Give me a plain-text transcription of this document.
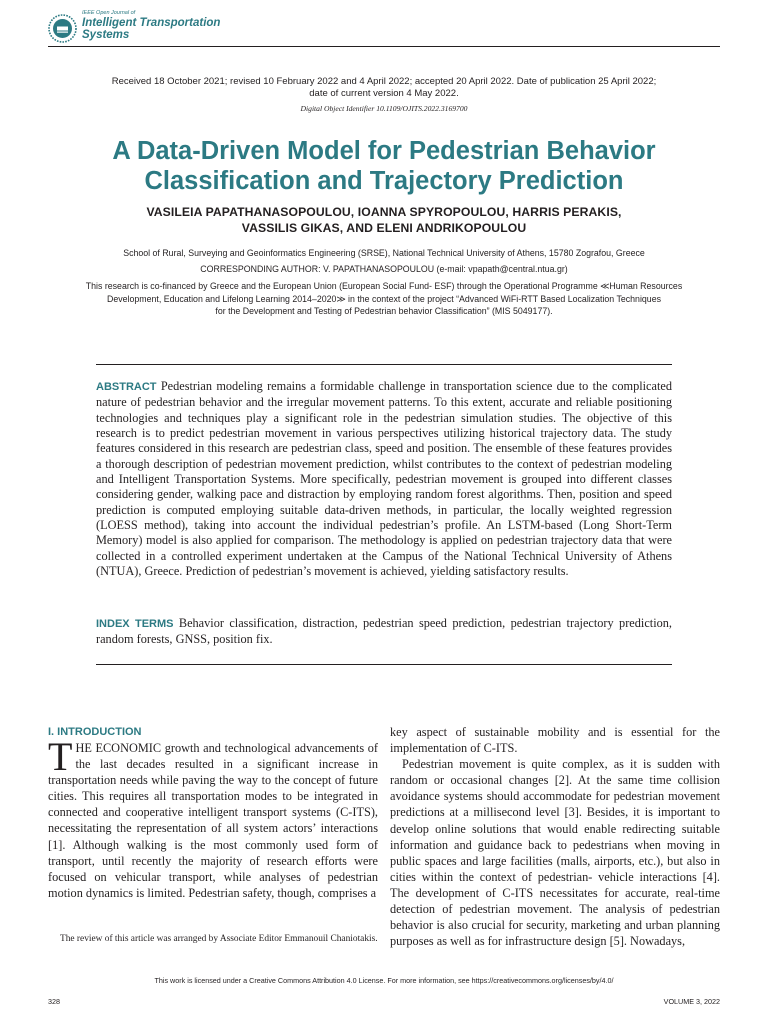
IEEE Open Journal of
Intelligent Transportation
Systems
Received 18 October 2021; revised 10 February 2022 and 4 April 2022; accepted 20 April 2022. Date of publication 25 April 2022;
date of current version 4 May 2022.
Digital Object Identifier 10.1109/OJITS.2022.3169700
A Data-Driven Model for Pedestrian Behavior
Classification and Trajectory Prediction
VASILEIA PAPATHANASOPOULOU, IOANNA SPYROPOULOU, HARRIS PERAKIS,
VASSILIS GIKAS, AND ELENI ANDRIKOPOULOU
School of Rural, Surveying and Geoinformatics Engineering (SRSE), National Technical University of Athens, 15780 Zografou, Greece
CORRESPONDING AUTHOR: V. PAPATHANASOPOULOU (e-mail: vpapath@central.ntua.gr)
This research is co-financed by Greece and the European Union (European Social Fund- ESF) through the Operational Programme ≪Human Resources
Development, Education and Lifelong Learning 2014–2020≫ in the context of the project “Advanced WiFi-RTT Based Localization Techniques
for the Development and Testing of Pedestrian behavior Classification” (MIS 5049177).
ABSTRACT Pedestrian modeling remains a formidable challenge in transportation science due to the complicated nature of pedestrian behavior and the irregular movement patterns. To this extent, accurate and reliable positioning technologies and techniques play a significant role in the pedestrian simulation studies. The objective of this research is to predict pedestrian movement in various perspectives utilizing historical trajectory data. The study features considered in this research are pedestrian class, speed and position. The ensemble of these features provides a thorough description of pedestrian movement prediction, whilst contributes to the context of pedestrian modeling and Intelligent Transportation Systems. More specifically, pedestrian movement is grouped into different classes considering gender, walking pace and distraction by employing random forest algorithms. Then, position and speed prediction is computed employing suitable data-driven methods, in particular, the locally weighted regression (LOESS method), taking into account the individual pedestrian’s profile. An LSTM-based (Long Short-Term Memory) model is also applied for comparison. The methodology is applied on pedestrian trajectory data that were collected in a controlled experiment undertaken at the Campus of the National Technical University of Athens (NTUA), Greece. Prediction of pedestrian’s movement is achieved, yielding satisfactory results.
INDEX TERMS Behavior classification, distraction, pedestrian speed prediction, pedestrian trajectory prediction, random forests, GNSS, position fix.
I. INTRODUCTION
THE ECONOMIC growth and technological advancements of the last decades resulted in a significant increase in transportation needs while paving the way to the concept of future cities. This requires all transportation modes to be integrated in connected and cooperative intelligent transport systems (C-ITS), necessitating the representation of all system actors’ interactions [1]. Although walking is the most commonly used form of transport, until recently the majority of research efforts were focused on vehicular transport, while analyses of pedestrian motion dynamics is limited. Pedestrian safety, though, comprises a
key aspect of sustainable mobility and is essential for the implementation of C-ITS.
Pedestrian movement is quite complex, as it is sudden with random or occasional changes [2]. At the same time collision avoidance systems should accommodate for pedestrian movement predictions at a millisecond level [3]. Besides, it is important to develop online solutions that would enable redirecting suitable information and guidance back to pedestrians when moving in public spaces and large facilities (malls, airports, etc.), but also in cities within the context of pedestrian- vehicle interactions [4]. The development of C-ITS necessitates for accurate, real-time detection of pedestrian movement. The analysis of pedestrian behavior is also crucial for security, marketing and urban planning purposes as well as for infrastructure design [5]. Nowadays,
The review of this article was arranged by Associate Editor Emmanouil Chaniotakis.
This work is licensed under a Creative Commons Attribution 4.0 License. For more information, see https://creativecommons.org/licenses/by/4.0/
328	VOLUME 3, 2022
